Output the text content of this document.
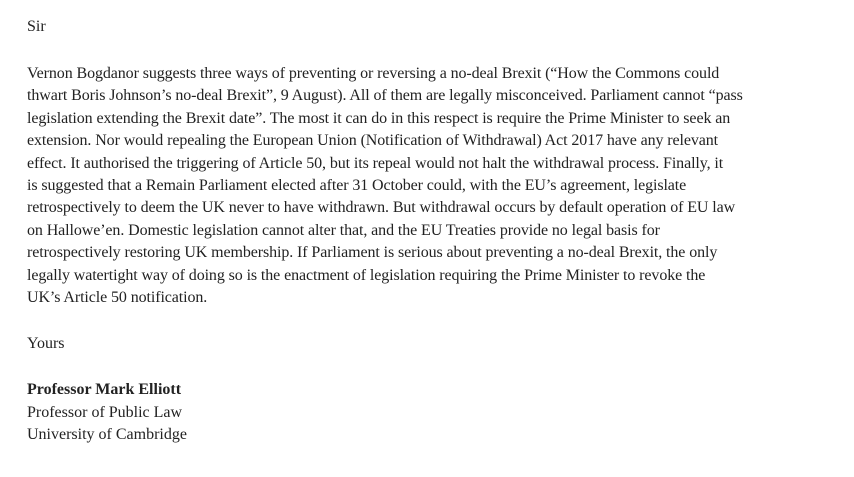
Sir

Vernon Bogdanor suggests three ways of preventing or reversing a no-deal Brexit (“How the Commons could
thwart Boris Johnson’s no-deal Brexit”, 9 August). All of them are legally misconceived. Parliament cannot “pass
legislation extending the Brexit date”. The most it can do in this respect is require the Prime Minister to seek an
extension. Nor would repealing the European Union (Notification of Withdrawal) Act 2017 have any relevant
effect. It authorised the triggering of Article 50, but its repeal would not halt the withdrawal process. Finally, it
is suggested that a Remain Parliament elected after 31 October could, with the EU’s agreement, legislate
retrospectively to deem the UK never to have withdrawn. But withdrawal occurs by default operation of EU law
on Hallowe’en. Domestic legislation cannot alter that, and the EU Treaties provide no legal basis for
retrospectively restoring UK membership. If Parliament is serious about preventing a no-deal Brexit, the only
legally watertight way of doing so is the enactment of legislation requiring the Prime Minister to revoke the
UK’s Article 50 notification.

Yours

Professor Mark Elliott
Professor of Public Law
University of Cambridge
